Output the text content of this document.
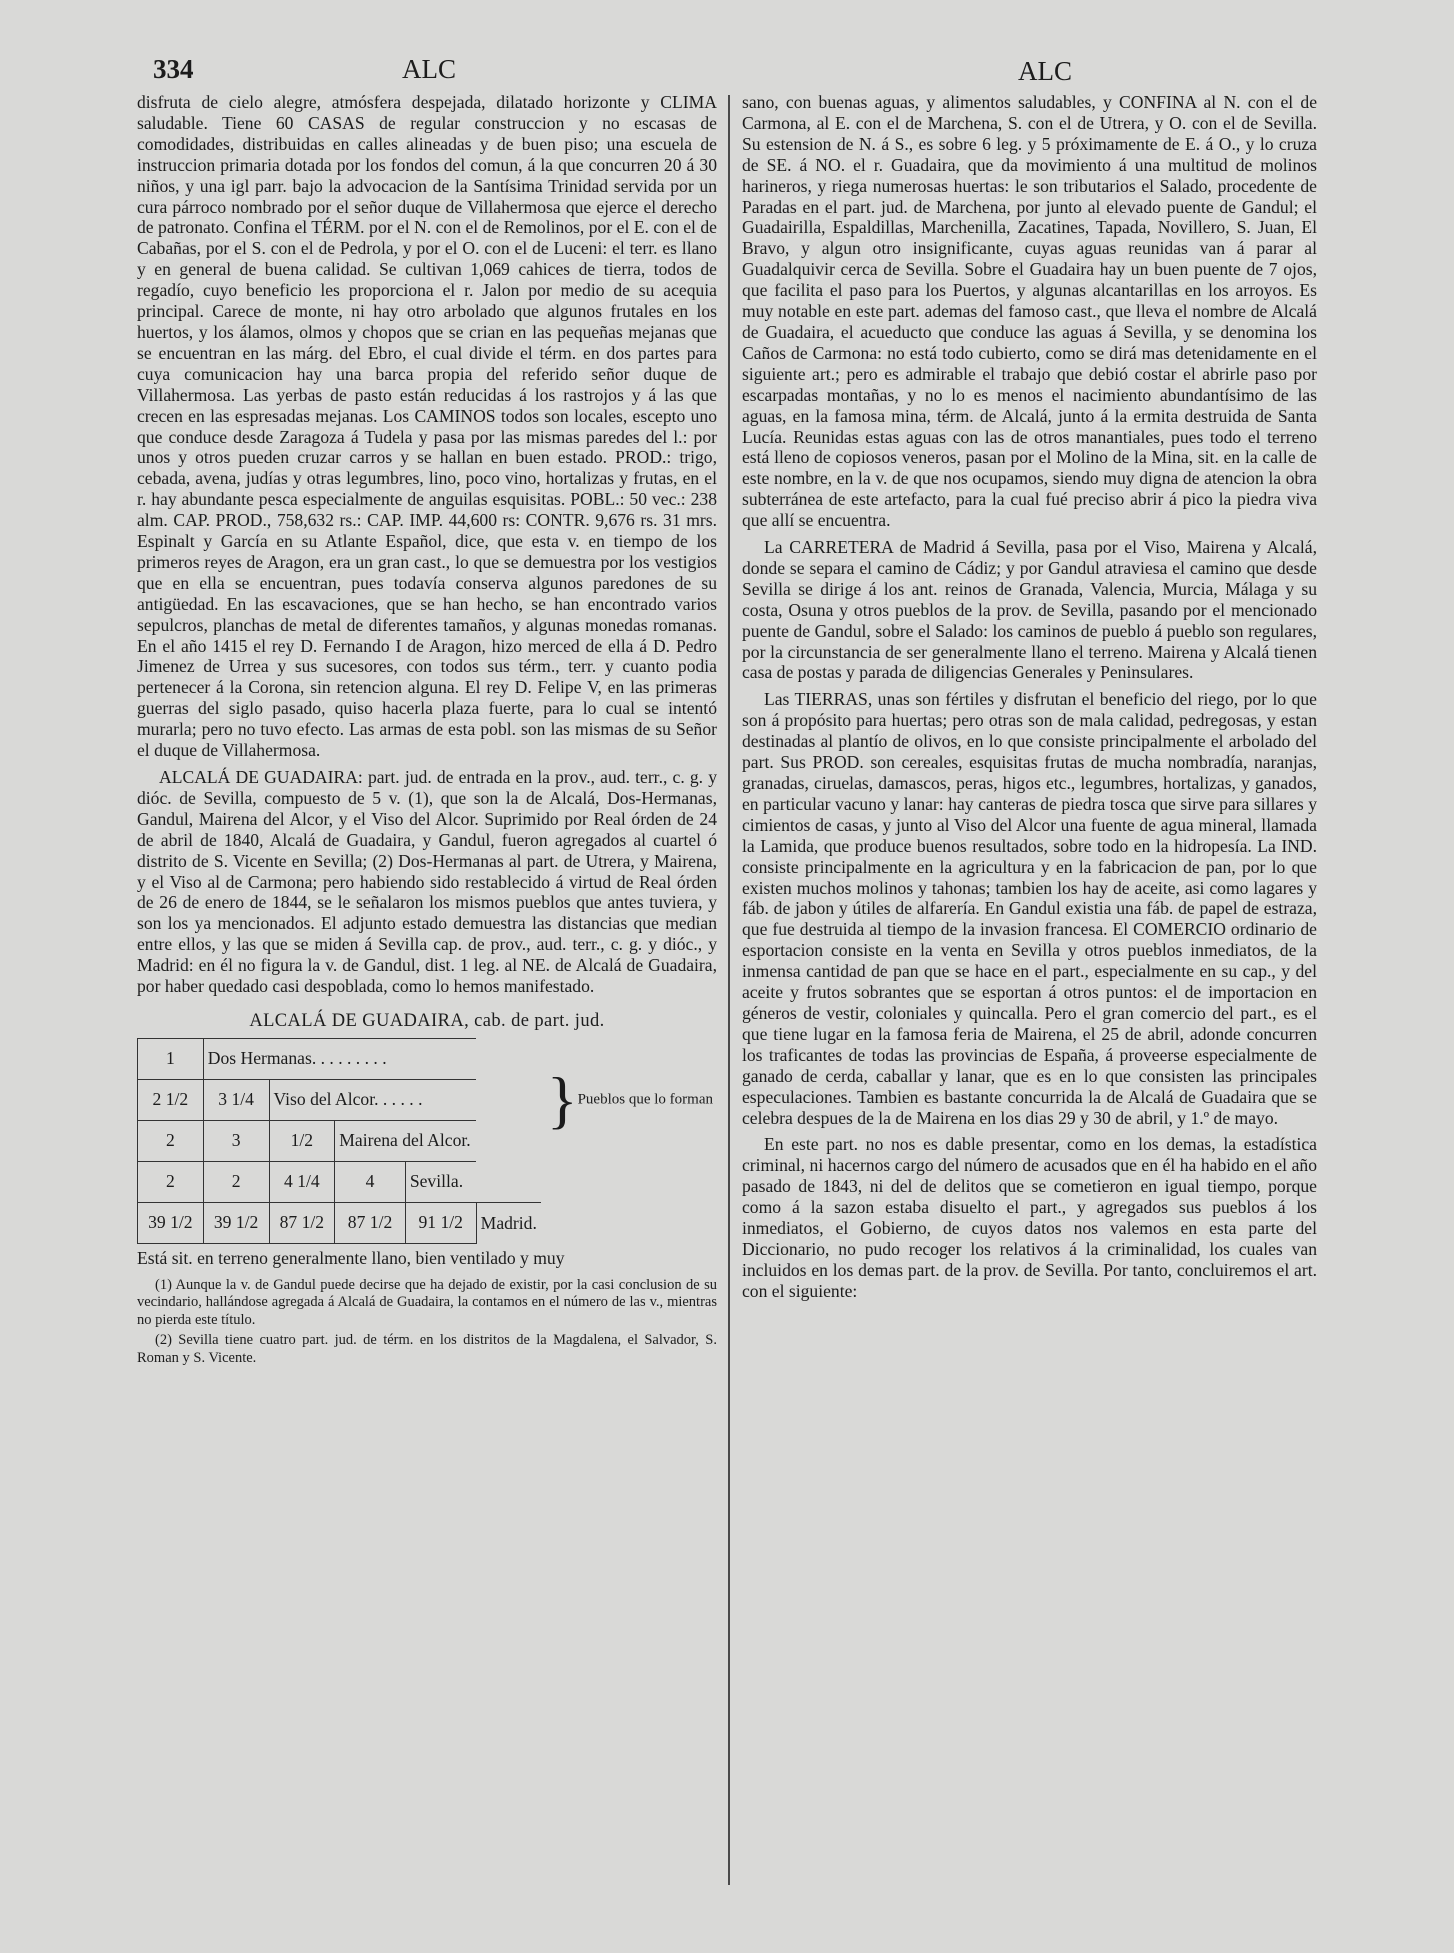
334	ALC	ALC

disfruta de cielo alegre, atmósfera despejada, dilatado horizonte y CLIMA saludable. Tiene 60 CASAS de regular construccion y no escasas de comodidades, distribuidas en calles alineadas y de buen piso; una escuela de instruccion primaria dotada por los fondos del comun, á la que concurren 20 á 30 niños, y una igl parr. bajo la advocacion de la Santísima Trinidad servida por un cura párroco nombrado por el señor duque de Villahermosa que ejerce el derecho de patronato. Confina el TÉRM. por el N. con el de Remolinos, por el E. con el de Cabañas, por el S. con el de Pedrola, y por el O. con el de Luceni: el terr. es llano y en general de buena calidad. Se cultivan 1,069 cahices de tierra, todos de regadío, cuyo beneficio les proporciona el r. Jalon por medio de su acequia principal. Carece de monte, ni hay otro arbolado que algunos frutales en los huertos, y los álamos, olmos y chopos que se crian en las pequeñas mejanas que se encuentran en las márg. del Ebro, el cual divide el térm. en dos partes para cuya comunicacion hay una barca propia del referido señor duque de Villahermosa. Las yerbas de pasto están reducidas á los rastrojos y á las que crecen en las espresadas mejanas. Los CAMINOS todos son locales, escepto uno que conduce desde Zaragoza á Tudela y pasa por las mismas paredes del l.: por unos y otros pueden cruzar carros y se hallan en buen estado. PROD.: trigo, cebada, avena, judías y otras legumbres, lino, poco vino, hortalizas y frutas, en el r. hay abundante pesca especialmente de anguilas esquisitas. POBL.: 50 vec.: 238 alm. CAP. PROD., 758,632 rs.: CAP. IMP. 44,600 rs: CONTR. 9,676 rs. 31 mrs. Espinalt y García en su Atlante Español, dice, que esta v. en tiempo de los primeros reyes de Aragon, era un gran cast., lo que se demuestra por los vestigios que en ella se encuentran, pues todavía conserva algunos paredones de su antigüedad. En las escavaciones, que se han hecho, se han encontrado varios sepulcros, planchas de metal de diferentes tamaños, y algunas monedas romanas. En el año 1415 el rey D. Fernando I de Aragon, hizo merced de ella á D. Pedro Jimenez de Urrea y sus sucesores, con todos sus térm., terr. y cuanto podia pertenecer á la Corona, sin retencion alguna. El rey D. Felipe V, en las primeras guerras del siglo pasado, quiso hacerla plaza fuerte, para lo cual se intentó murarla; pero no tuvo efecto. Las armas de esta pobl. son las mismas de su Señor el duque de Villahermosa.

ALCALÁ DE GUADAIRA: part. jud. de entrada en la prov., aud. terr., c. g. y dióc. de Sevilla, compuesto de 5 v. (1), que son la de Alcalá, Dos-Hermanas, Gandul, Mairena del Alcor, y el Viso del Alcor. Suprimido por Real órden de 24 de abril de 1840, Alcalá de Guadaira, y Gandul, fueron agregados al cuartel ó distrito de S. Vicente en Sevilla; (2) Dos-Hermanas al part. de Utrera, y Mairena, y el Viso al de Carmona; pero habiendo sido restablecido á virtud de Real órden de 26 de enero de 1844, se le señalaron los mismos pueblos que antes tuviera, y son los ya mencionados. El adjunto estado demuestra las distancias que median entre ellos, y las que se miden á Sevilla cap. de prov., aud. terr., c. g. y dióc., y Madrid: en él no figura la v. de Gandul, dist. 1 leg. al NE. de Alcalá de Guadaira, por haber quedado casi despoblada, como lo hemos manifestado.

ALCALÁ DE GUADAIRA, cab. de part. jud.
1	Dos Hermanas. . . . . . . . .					}Pueblos que lo forman
2 1/2	3 1/4	Viso del Alcor. . . . . .				
2	3	1/2	Mairena del Alcor.			
2	2	4 1/4	4	Sevilla.		
39 1/2	39 1/2	87 1/2	87 1/2	91 1/2	Madrid.	

Está sit. en terreno generalmente llano, bien ventilado y muy

(1) Aunque la v. de Gandul puede decirse que ha dejado de existir, por la casi conclusion de su vecindario, hallándose agregada á Alcalá de Guadaira, la contamos en el número de las v., mientras no pierda este título.

(2) Sevilla tiene cuatro part. jud. de térm. en los distritos de la Magdalena, el Salvador, S. Roman y S. Vicente.

sano, con buenas aguas, y alimentos saludables, y CONFINA al N. con el de Carmona, al E. con el de Marchena, S. con el de Utrera, y O. con el de Sevilla. Su estension de N. á S., es sobre 6 leg. y 5 próximamente de E. á O., y lo cruza de SE. á NO. el r. Guadaira, que da movimiento á una multitud de molinos harineros, y riega numerosas huertas: le son tributarios el Salado, procedente de Paradas en el part. jud. de Marchena, por junto al elevado puente de Gandul; el Guadairilla, Espaldillas, Marchenilla, Zacatines, Tapada, Novillero, S. Juan, El Bravo, y algun otro insignificante, cuyas aguas reunidas van á parar al Guadalquivir cerca de Sevilla. Sobre el Guadaira hay un buen puente de 7 ojos, que facilita el paso para los Puertos, y algunas alcantarillas en los arroyos. Es muy notable en este part. ademas del famoso cast., que lleva el nombre de Alcalá de Guadaira, el acueducto que conduce las aguas á Sevilla, y se denomina los Caños de Carmona: no está todo cubierto, como se dirá mas detenidamente en el siguiente art.; pero es admirable el trabajo que debió costar el abrirle paso por escarpadas montañas, y no lo es menos el nacimiento abundantísimo de las aguas, en la famosa mina, térm. de Alcalá, junto á la ermita destruida de Santa Lucía. Reunidas estas aguas con las de otros manantiales, pues todo el terreno está lleno de copiosos veneros, pasan por el Molino de la Mina, sit. en la calle de este nombre, en la v. de que nos ocupamos, siendo muy digna de atencion la obra subterránea de este artefacto, para la cual fué preciso abrir á pico la piedra viva que allí se encuentra.

La CARRETERA de Madrid á Sevilla, pasa por el Viso, Mairena y Alcalá, donde se separa el camino de Cádiz; y por Gandul atraviesa el camino que desde Sevilla se dirige á los ant. reinos de Granada, Valencia, Murcia, Málaga y su costa, Osuna y otros pueblos de la prov. de Sevilla, pasando por el mencionado puente de Gandul, sobre el Salado: los caminos de pueblo á pueblo son regulares, por la circunstancia de ser generalmente llano el terreno. Mairena y Alcalá tienen casa de postas y parada de diligencias Generales y Peninsulares.

Las TIERRAS, unas son fértiles y disfrutan el beneficio del riego, por lo que son á propósito para huertas; pero otras son de mala calidad, pedregosas, y estan destinadas al plantío de olivos, en lo que consiste principalmente el arbolado del part. Sus PROD. son cereales, esquisitas frutas de mucha nombradía, naranjas, granadas, ciruelas, damascos, peras, higos etc., legumbres, hortalizas, y ganados, en particular vacuno y lanar: hay canteras de piedra tosca que sirve para sillares y cimientos de casas, y junto al Viso del Alcor una fuente de agua mineral, llamada la Lamida, que produce buenos resultados, sobre todo en la hidropesía. La IND. consiste principalmente en la agricultura y en la fabricacion de pan, por lo que existen muchos molinos y tahonas; tambien los hay de aceite, asi como lagares y fáb. de jabon y útiles de alfarería. En Gandul existia una fáb. de papel de estraza, que fue destruida al tiempo de la invasion francesa. El COMERCIO ordinario de esportacion consiste en la venta en Sevilla y otros pueblos inmediatos, de la inmensa cantidad de pan que se hace en el part., especialmente en su cap., y del aceite y frutos sobrantes que se esportan á otros puntos: el de importacion en géneros de vestir, coloniales y quincalla. Pero el gran comercio del part., es el que tiene lugar en la famosa feria de Mairena, el 25 de abril, adonde concurren los traficantes de todas las provincias de España, á proveerse especialmente de ganado de cerda, caballar y lanar, que es en lo que consisten las principales especulaciones. Tambien es bastante concurrida la de Alcalá de Guadaira que se celebra despues de la de Mairena en los dias 29 y 30 de abril, y 1.º de mayo.

En este part. no nos es dable presentar, como en los demas, la estadística criminal, ni hacernos cargo del número de acusados que en él ha habido en el año pasado de 1843, ni del de delitos que se cometieron en igual tiempo, porque como á la sazon estaba disuelto el part., y agregados sus pueblos á los inmediatos, el Gobierno, de cuyos datos nos valemos en esta parte del Diccionario, no pudo recoger los relativos á la criminalidad, los cuales van incluidos en los demas part. de la prov. de Sevilla. Por tanto, concluiremos el art. con el siguiente:
